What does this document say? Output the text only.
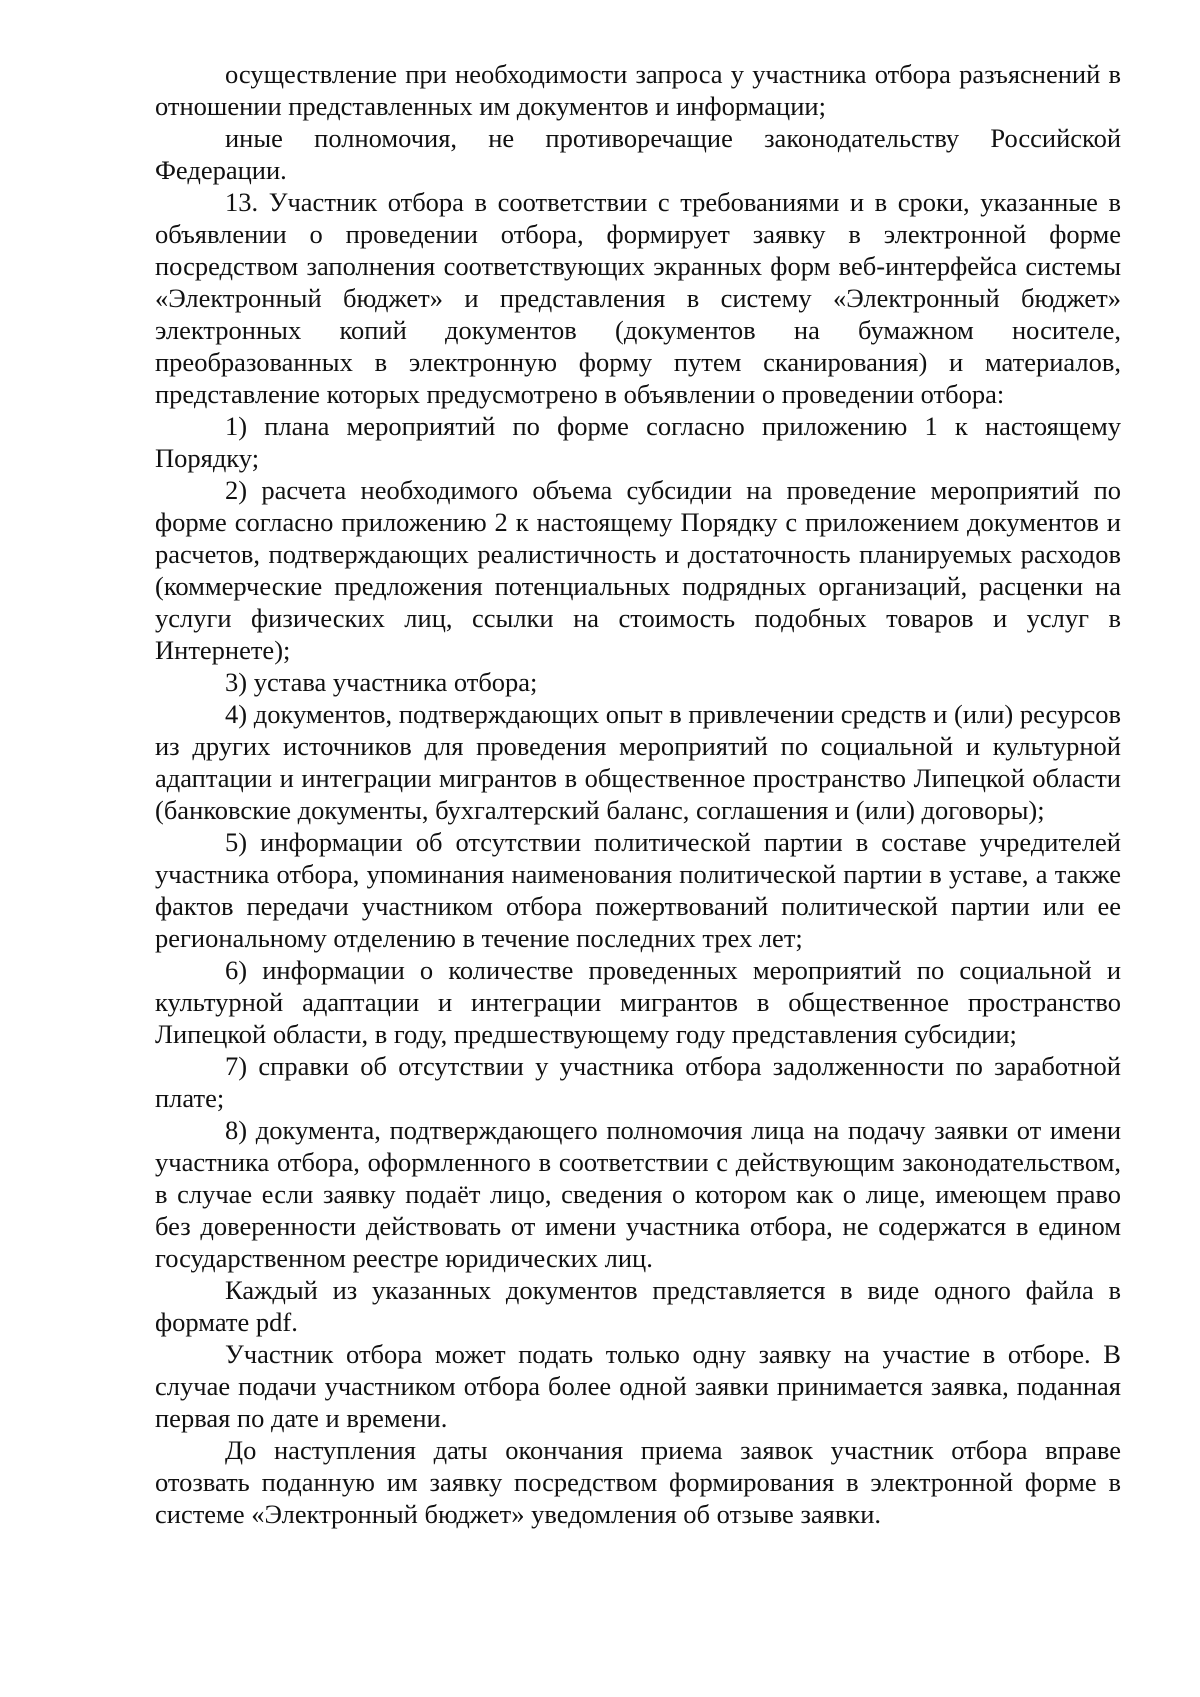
осуществление при необходимости запроса у участника отбора разъяснений в отношении представленных им документов и информации;

иные полномочия, не противоречащие законодательству Российской Федерации.

13. Участник отбора в соответствии с требованиями и в сроки, указанные в объявлении о проведении отбора, формирует заявку в электронной форме посредством заполнения соответствующих экранных форм веб-интерфейса системы «Электронный бюджет» и представления в систему «Электронный бюджет» электронных копий документов (документов на бумажном носителе, преобразованных в электронную форму путем сканирования) и материалов, представление которых предусмотрено в объявлении о проведении отбора:

1) плана мероприятий по форме согласно приложению 1 к настоящему Порядку;

2) расчета необходимого объема субсидии на проведение мероприятий по форме согласно приложению 2 к настоящему Порядку с приложением документов и расчетов, подтверждающих реалистичность и достаточность планируемых расходов (коммерческие предложения потенциальных подрядных организаций, расценки на услуги физических лиц, ссылки на стоимость подобных товаров и услуг в Интернете);

3) устава участника отбора;

4) документов, подтверждающих опыт в привлечении средств и (или) ресурсов из других источников для проведения мероприятий по социальной и культурной адаптации и интеграции мигрантов в общественное пространство Липецкой области (банковские документы, бухгалтерский баланс, соглашения и (или) договоры);

5) информации об отсутствии политической партии в составе учредителей участника отбора, упоминания наименования политической партии в уставе, а также фактов передачи участником отбора пожертвований политической партии или ее региональному отделению в течение последних трех лет;

6) информации о количестве проведенных мероприятий по социальной и культурной адаптации и интеграции мигрантов в общественное пространство Липецкой области, в году, предшествующему году представления субсидии;

7) справки об отсутствии у участника отбора задолженности по заработной плате;

8) документа, подтверждающего полномочия лица на подачу заявки от имени участника отбора, оформленного в соответствии с действующим законодательством, в случае если заявку подаёт лицо, сведения о котором как о лице, имеющем право без доверенности действовать от имени участника отбора, не содержатся в едином государственном реестре юридических лиц.

Каждый из указанных документов представляется в виде одного файла в формате pdf.

Участник отбора может подать только одну заявку на участие в отборе. В случае подачи участником отбора более одной заявки принимается заявка, поданная первая по дате и времени.

До наступления даты окончания приема заявок участник отбора вправе отозвать поданную им заявку посредством формирования в электронной форме в системе «Электронный бюджет» уведомления об отзыве заявки.
